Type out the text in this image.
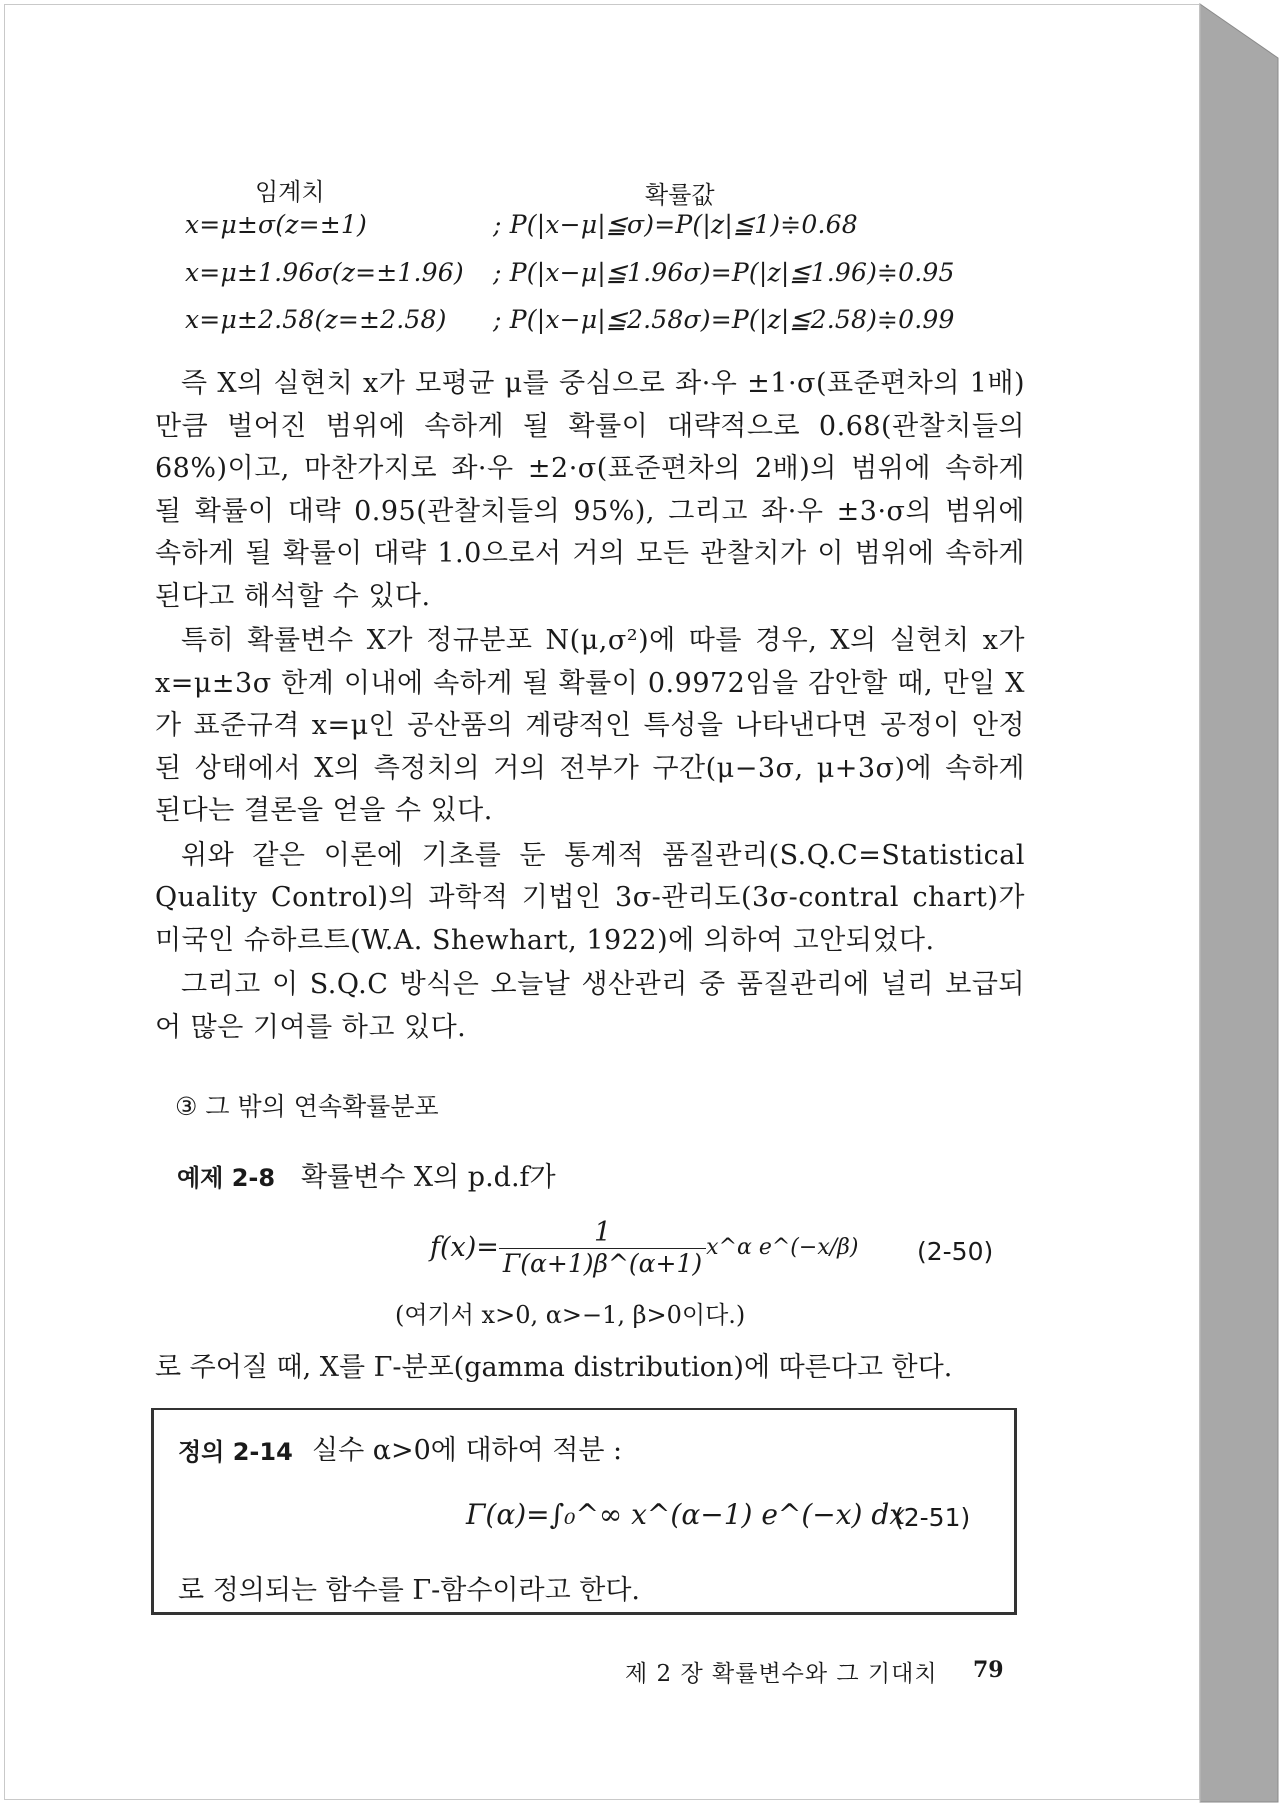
임계치	확률값
x=μ±σ(z=±1)	; P(|x−μ|≦σ)=P(|z|≦1)≑0.68
x=μ±1.96σ(z=±1.96) ; P(|x−μ|≦1.96σ)=P(|z|≦1.96)≑0.95
x=μ±2.58(z=±2.58) ; P(|x−μ|≦2.58σ)=P(|z|≦2.58)≑0.99

즉 X의 실현치 x가 모평균 μ를 중심으로 좌·우 ±1·σ(표준편차의 1배)만큼 벌어진 범위에 속하게 될 확률이 대략적으로 0.68(관찰치들의 68%)이고, 마찬가지로 좌·우 ±2·σ(표준편차의 2배)의 범위에 속하게 될 확률이 대략 0.95(관찰치들의 95%), 그리고 좌·우 ±3·σ의 범위에 속하게 될 확률이 대략 1.0으로서 거의 모든 관찰치가 이 범위에 속하게 된다고 해석할 수 있다.

특히 확률변수 X가 정규분포 N(μ,σ²)에 따를 경우, X의 실현치 x가 x=μ±3σ 한계 이내에 속하게 될 확률이 0.9972임을 감안할 때, 만일 X가 표준규격 x=μ인 공산품의 계량적인 특성을 나타낸다면 공정이 안정된 상태에서 X의 측정치의 거의 전부가 구간(μ−3σ, μ+3σ)에 속하게 된다는 결론을 얻을 수 있다.

위와 같은 이론에 기초를 둔 통계적 품질관리(S.Q.C=Statistical Quality Control)의 과학적 기법인 3σ-관리도(3σ-contral chart)가 미국인 슈하르트(W.A. Shewhart, 1922)에 의하여 고안되었다.

그리고 이 S.Q.C 방식은 오늘날 생산관리 중 품질관리에 널리 보급되어 많은 기여를 하고 있다.

③ 그 밖의 연속확률분포
예제 2-8 확률변수 X의 p.d.f가
$f(x)= \frac{1}{\Gamma(\alpha+1)\beta\^{}(\alpha+1)}$ x^α e^(−x/β) (2-50)
(여기서 x>0, α>−1, β>0이다.)
로 주어질 때, X를 Γ-분포(gamma distribution)에 따른다고 한다.
정의 2-14 실수 α>0에 대하여 적분 :
Γ(α)=∫₀^∞ x^(α−1) e^(−x) dx
(2-51)
로 정의되는 함수를 Γ-함수이라고 한다.
제 2 장 확률변수와 그 기대치 79
